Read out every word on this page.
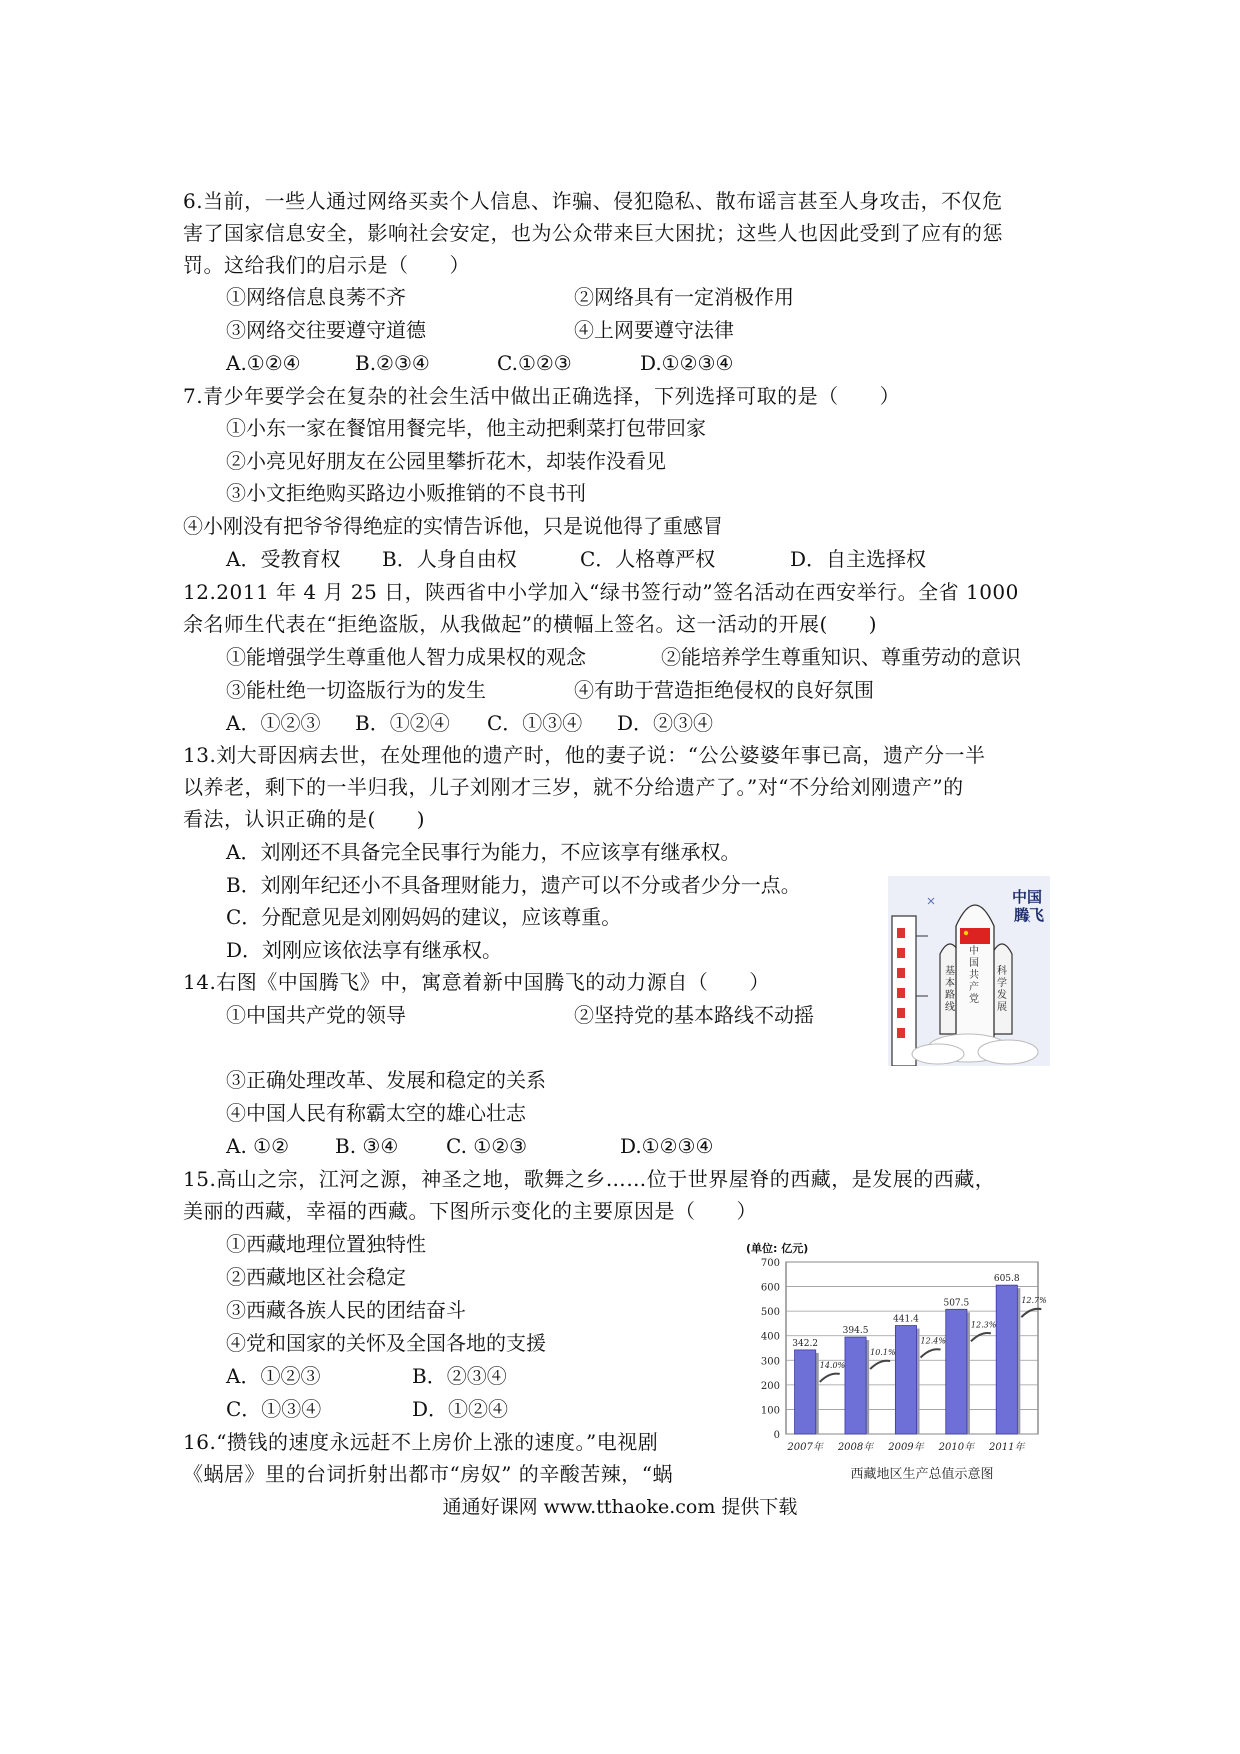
6.当前，一些人通过网络买卖个人信息、诈骗、侵犯隐私、散布谣言甚至人身攻击，不仅危
害了国家信息安全，影响社会安定，也为公众带来巨大困扰；这些人也因此受到了应有的惩
罚。这给我们的启示是（　　）
①网络信息良莠不齐	②网络具有一定消极作用
③网络交往要遵守道德	④上网要遵守法律
A.①②④	B.②③④	C.①②③	D.①②③④
7.青少年要学会在复杂的社会生活中做出正确选择，下列选择可取的是（　　）
①小东一家在餐馆用餐完毕，他主动把剩菜打包带回家
②小亮见好朋友在公园里攀折花木，却装作没看见
③小文拒绝购买路边小贩推销的不良书刊
④小刚没有把爷爷得绝症的实情告诉他，只是说他得了重感冒
A．受教育权 B．人身自由权	C．人格尊严权	D．自主选择权
12.2011 年 4 月 25 日，陕西省中小学加入“绿书签行动”签名活动在西安举行。全省 1000
余名师生代表在“拒绝盗版，从我做起”的横幅上签名。这一活动的开展(　　)
①能增强学生尊重他人智力成果权的观念	②能培养学生尊重知识、尊重劳动的意识
③能杜绝一切盗版行为的发生	④有助于营造拒绝侵权的良好氛围
A．①②③ B．①②④ C．①③④ D．②③④
13.刘大哥因病去世，在处理他的遗产时，他的妻子说：“公公婆婆年事已高，遗产分一半
以养老，剩下的一半归我，儿子刘刚才三岁，就不分给遗产了。”对“不分给刘刚遗产”的
看法，认识正确的是(　　)
A．刘刚还不具备完全民事行为能力，不应该享有继承权。
B．刘刚年纪还小不具备理财能力，遗产可以不分或者少分一点。
C．分配意见是刘刚妈妈的建议，应该尊重。
D．刘刚应该依法享有继承权。
14.右图《中国腾飞》中，寓意着新中国腾飞的动力源自（　　）
①中国共产党的领导	②坚持党的基本路线不动摇
③正确处理改革、发展和稳定的关系
④中国人民有称霸太空的雄心壮志
A. ①② B. ③④ C. ①②③	D.①②③④
中国
腾飞
中国共产党
基本路线
科学发展
15.高山之宗，江河之源，神圣之地，歌舞之乡……位于世界屋脊的西藏，是发展的西藏，
美丽的西藏，幸福的西藏。下图所示变化的主要原因是（　　）
①西藏地理位置独特性
②西藏地区社会稳定
③西藏各族人民的团结奋斗
④党和国家的关怀及全国各地的支援
A．①②③	B．②③④
C．①③④	D．①②④
16.“攒钱的速度永远赶不上房价上涨的速度。”电视剧
《蜗居》里的台词折射出都市“房奴” 的辛酸苦辣，“蜗
(单位: 亿元)
0
100
200
300
400
500
600
700
342.2
14.0%
2007年
394.5
10.1%
2008年
441.4
12.4%
2009年
507.5
12.3%
2010年
605.8
12.7%
2011年
西藏地区生产总值示意图
通通好课网 www.tthaoke.com 提供下载
